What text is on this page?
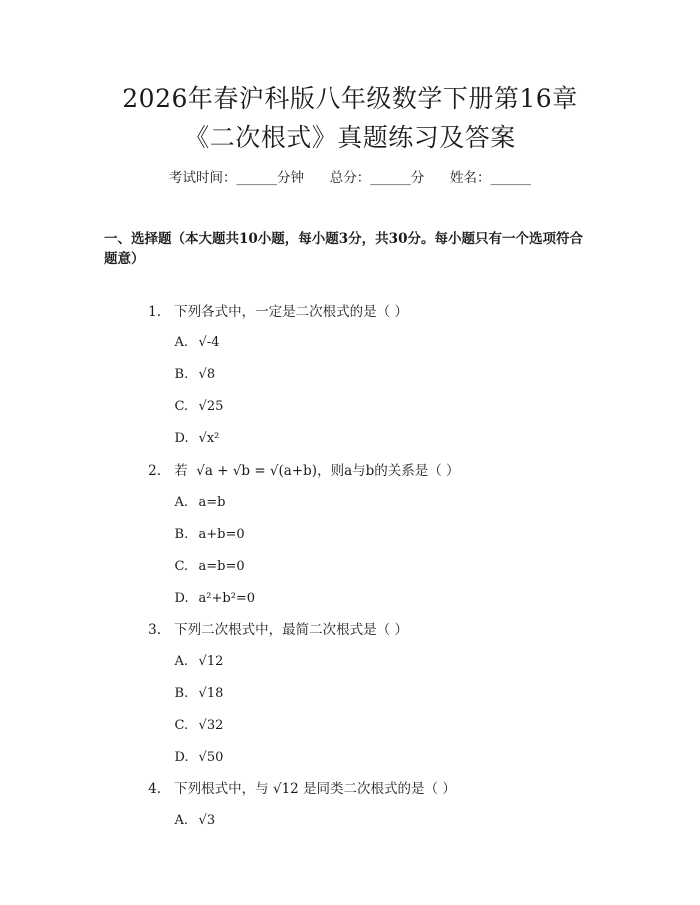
2026年春沪科版八年级数学下册第16章
《二次根式》真题练习及答案
考试时间：______分钟      总分：______分      姓名：______
一、选择题（本大题共10小题，每小题3分，共30分。每小题只有一个选项符合题意）

1. 下列各式中，一定是二次根式的是（ ）

A. √-4

B. √8

C. √25

D. √x²

2. 若  √a + √b = √(a+b)，则a与b的关系是（ ）

A. a=b

B. a+b=0

C. a=b=0

D. a²+b²=0

3. 下列二次根式中，最简二次根式是（ ）

A. √12

B. √18

C. √32

D. √50

4. 下列根式中，与 √12 是同类二次根式的是（ ）

A. √3
